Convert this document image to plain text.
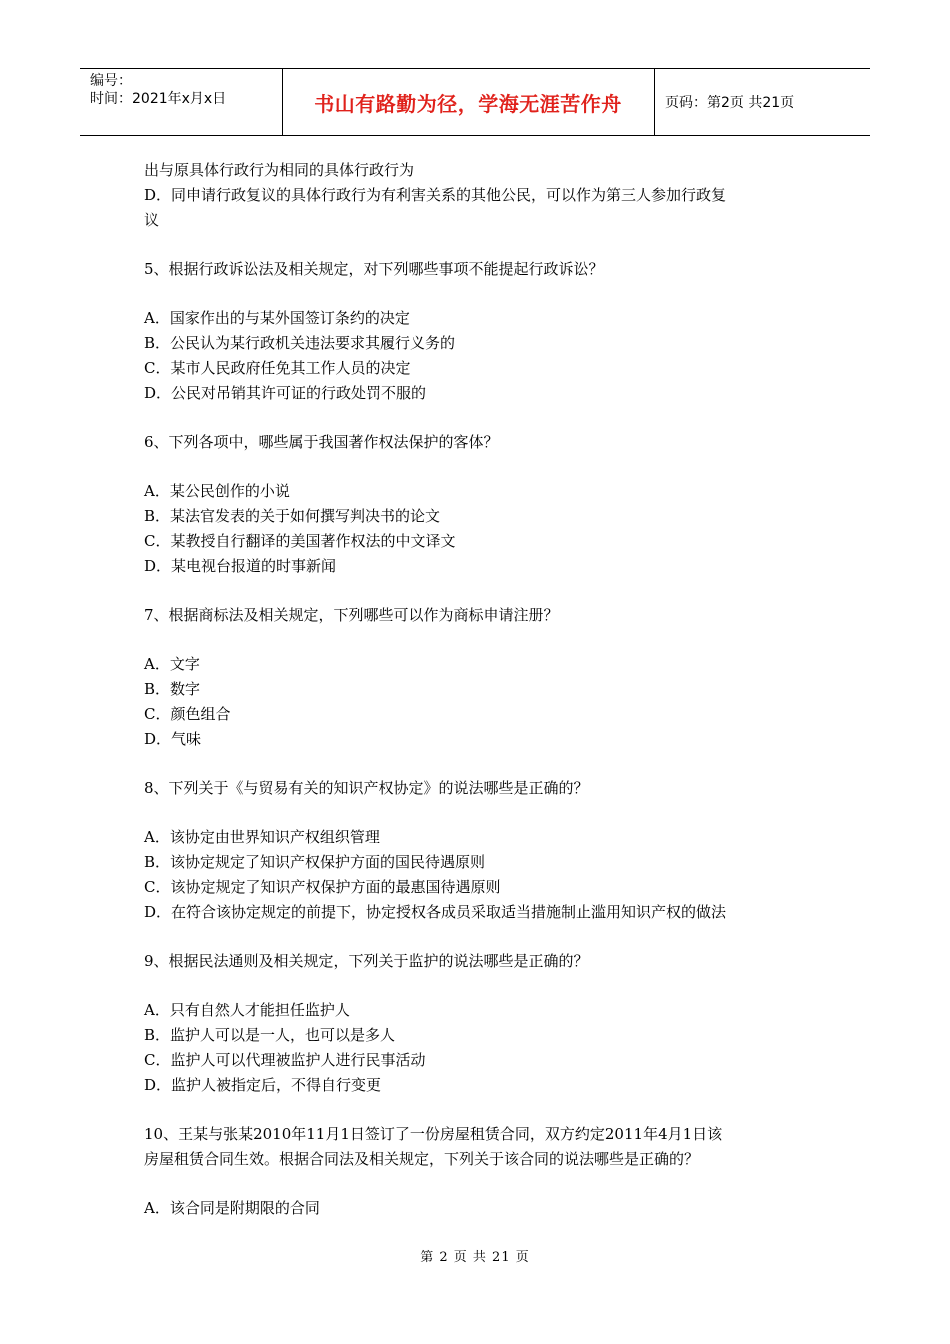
编号：
时间：2021年x月x日	书山有路勤为径，学海无涯苦作舟	页码：第2页 共21页

出与原具体行政行为相同的具体行政行为

D．同申请行政复议的具体行政行为有利害关系的其他公民，可以作为第三人参加行政复

议

5、根据行政诉讼法及相关规定，对下列哪些事项不能提起行政诉讼？

A．国家作出的与某外国签订条约的决定

B．公民认为某行政机关违法要求其履行义务的

C．某市人民政府任免其工作人员的决定

D．公民对吊销其许可证的行政处罚不服的

6、下列各项中，哪些属于我国著作权法保护的客体？

A．某公民创作的小说

B．某法官发表的关于如何撰写判决书的论文

C．某教授自行翻译的美国著作权法的中文译文

D．某电视台报道的时事新闻

7、根据商标法及相关规定，下列哪些可以作为商标申请注册？

A．文字

B．数字

C．颜色组合

D．气味

8、下列关于《与贸易有关的知识产权协定》的说法哪些是正确的？

A．该协定由世界知识产权组织管理

B．该协定规定了知识产权保护方面的国民待遇原则

C．该协定规定了知识产权保护方面的最惠国待遇原则

D．在符合该协定规定的前提下，协定授权各成员采取适当措施制止滥用知识产权的做法

9、根据民法通则及相关规定，下列关于监护的说法哪些是正确的？

A．只有自然人才能担任监护人

B．监护人可以是一人，也可以是多人

C．监护人可以代理被监护人进行民事活动

D．监护人被指定后，不得自行变更

10、王某与张某2010年11月1日签订了一份房屋租赁合同，双方约定2011年4月1日该

房屋租赁合同生效。根据合同法及相关规定，下列关于该合同的说法哪些是正确的？

A．该合同是附期限的合同

第 2 页 共 21 页
